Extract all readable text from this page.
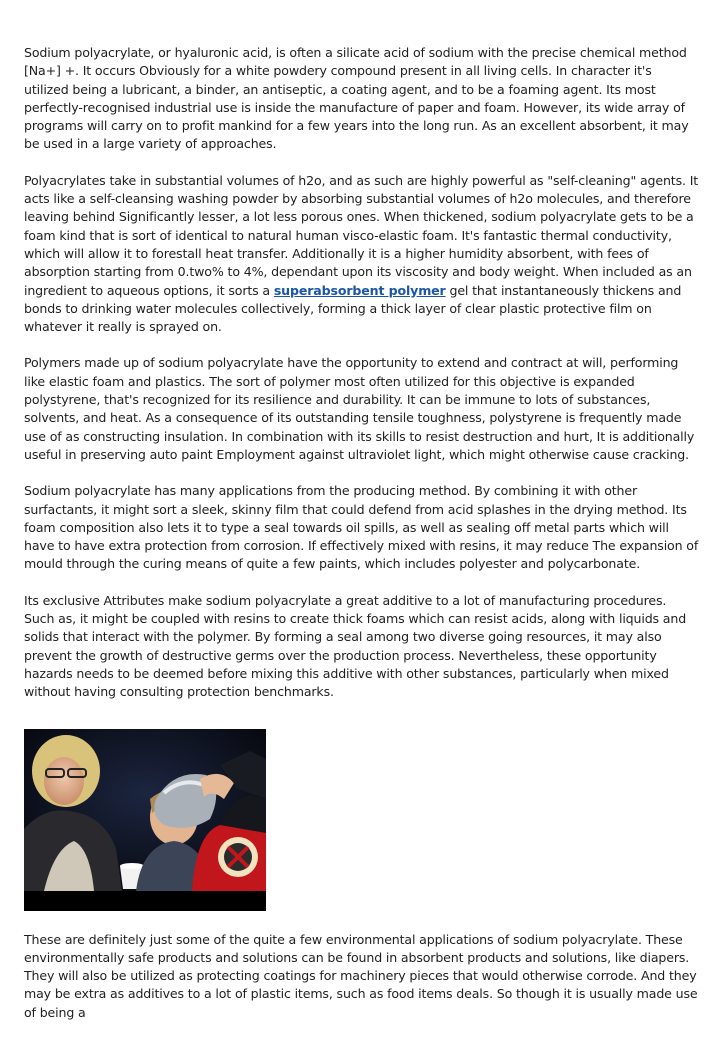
Sodium polyacrylate, or hyaluronic acid, is often a silicate acid of sodium with the precise chemical method [Na+] +. It occurs Obviously for a white powdery compound present in all living cells. In character it's utilized being a lubricant, a binder, an antiseptic, a coating agent, and to be a foaming agent. Its most perfectly-recognised industrial use is inside the manufacture of paper and foam. However, its wide array of programs will carry on to profit mankind for a few years into the long run. As an excellent absorbent, it may be used in a large variety of approaches.

Polyacrylates take in substantial volumes of h2o, and as such are highly powerful as "self-cleaning" agents. It acts like a self-cleansing washing powder by absorbing substantial volumes of h2o molecules, and therefore leaving behind Significantly lesser, a lot less porous ones. When thickened, sodium polyacrylate gets to be a foam kind that is sort of identical to natural human visco-elastic foam. It's fantastic thermal conductivity, which will allow it to forestall heat transfer. Additionally it is a higher humidity absorbent, with fees of absorption starting from 0.two% to 4%, dependant upon its viscosity and body weight. When included as an ingredient to aqueous options, it sorts a superabsorbent polymer gel that instantaneously thickens and bonds to drinking water molecules collectively, forming a thick layer of clear plastic protective film on whatever it really is sprayed on.

Polymers made up of sodium polyacrylate have the opportunity to extend and contract at will, performing like elastic foam and plastics. The sort of polymer most often utilized for this objective is expanded polystyrene, that's recognized for its resilience and durability. It can be immune to lots of substances, solvents, and heat. As a consequence of its outstanding tensile toughness, polystyrene is frequently made use of as constructing insulation. In combination with its skills to resist destruction and hurt, It is additionally useful in preserving auto paint Employment against ultraviolet light, which might otherwise cause cracking.

Sodium polyacrylate has many applications from the producing method. By combining it with other surfactants, it might sort a sleek, skinny film that could defend from acid splashes in the drying method. Its foam composition also lets it to type a seal towards oil spills, as well as sealing off metal parts which will have to have extra protection from corrosion. If effectively mixed with resins, it may reduce The expansion of mould through the curing means of quite a few paints, which includes polyester and polycarbonate.

Its exclusive Attributes make sodium polyacrylate a great additive to a lot of manufacturing procedures. Such as, it might be coupled with resins to create thick foams which can resist acids, along with liquids and solids that interact with the polymer. By forming a seal among two diverse going resources, it may also prevent the growth of destructive germs over the production process. Nevertheless, these opportunity hazards needs to be deemed before mixing this additive with other substances, particularly when mixed without having consulting protection benchmarks.

These are definitely just some of the quite a few environmental applications of sodium polyacrylate. These environmentally safe products and solutions can be found in absorbent products and solutions, like diapers. They will also be utilized as protecting coatings for machinery pieces that would otherwise corrode. And they may be extra as additives to a lot of plastic items, such as food items deals. So though it is usually made use of being a
